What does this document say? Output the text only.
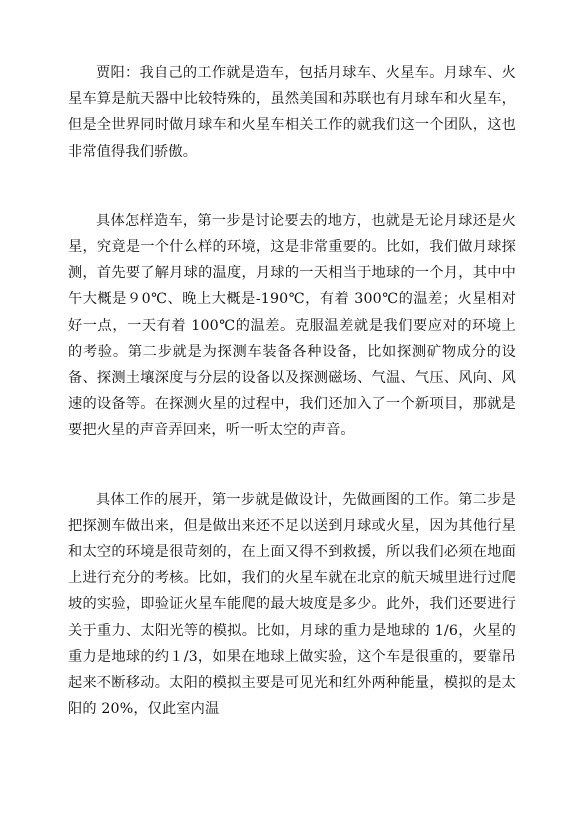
贾阳：我自己的工作就是造车，包括月球车、火星车。月球车、火星车算是航天器中比较特殊的，虽然美国和苏联也有月球车和火星车，但是全世界同时做月球车和火星车相关工作的就我们这一个团队，这也非常值得我们骄傲。

具体怎样造车，第一步是讨论要去的地方，也就是无论月球还是火星，究竟是一个什么样的环境，这是非常重要的。比如，我们做月球探测，首先要了解月球的温度，月球的一天相当于地球的一个月，其中中午大概是９0℃、晚上大概是-190℃，有着 300℃的温差；火星相对好一点，一天有着 100℃的温差。克服温差就是我们要应对的环境上的考验。第二步就是为探测车装备各种设备，比如探测矿物成分的设备、探测土壤深度与分层的设备以及探测磁场、气温、气压、风向、风速的设备等。在探测火星的过程中，我们还加入了一个新项目，那就是要把火星的声音弄回来，听一听太空的声音。

具体工作的展开，第一步就是做设计，先做画图的工作。第二步是把探测车做出来，但是做出来还不足以送到月球或火星，因为其他行星和太空的环境是很苛刻的，在上面又得不到救援，所以我们必须在地面上进行充分的考核。比如，我们的火星车就在北京的航天城里进行过爬坡的实验，即验证火星车能爬的最大坡度是多少。此外，我们还要进行关于重力、太阳光等的模拟。比如，月球的重力是地球的 1/6，火星的重力是地球的约１/3，如果在地球上做实验，这个车是很重的，要靠吊起来不断移动。太阳的模拟主要是可见光和红外两种能量，模拟的是太阳的 20%，仅此室内温
